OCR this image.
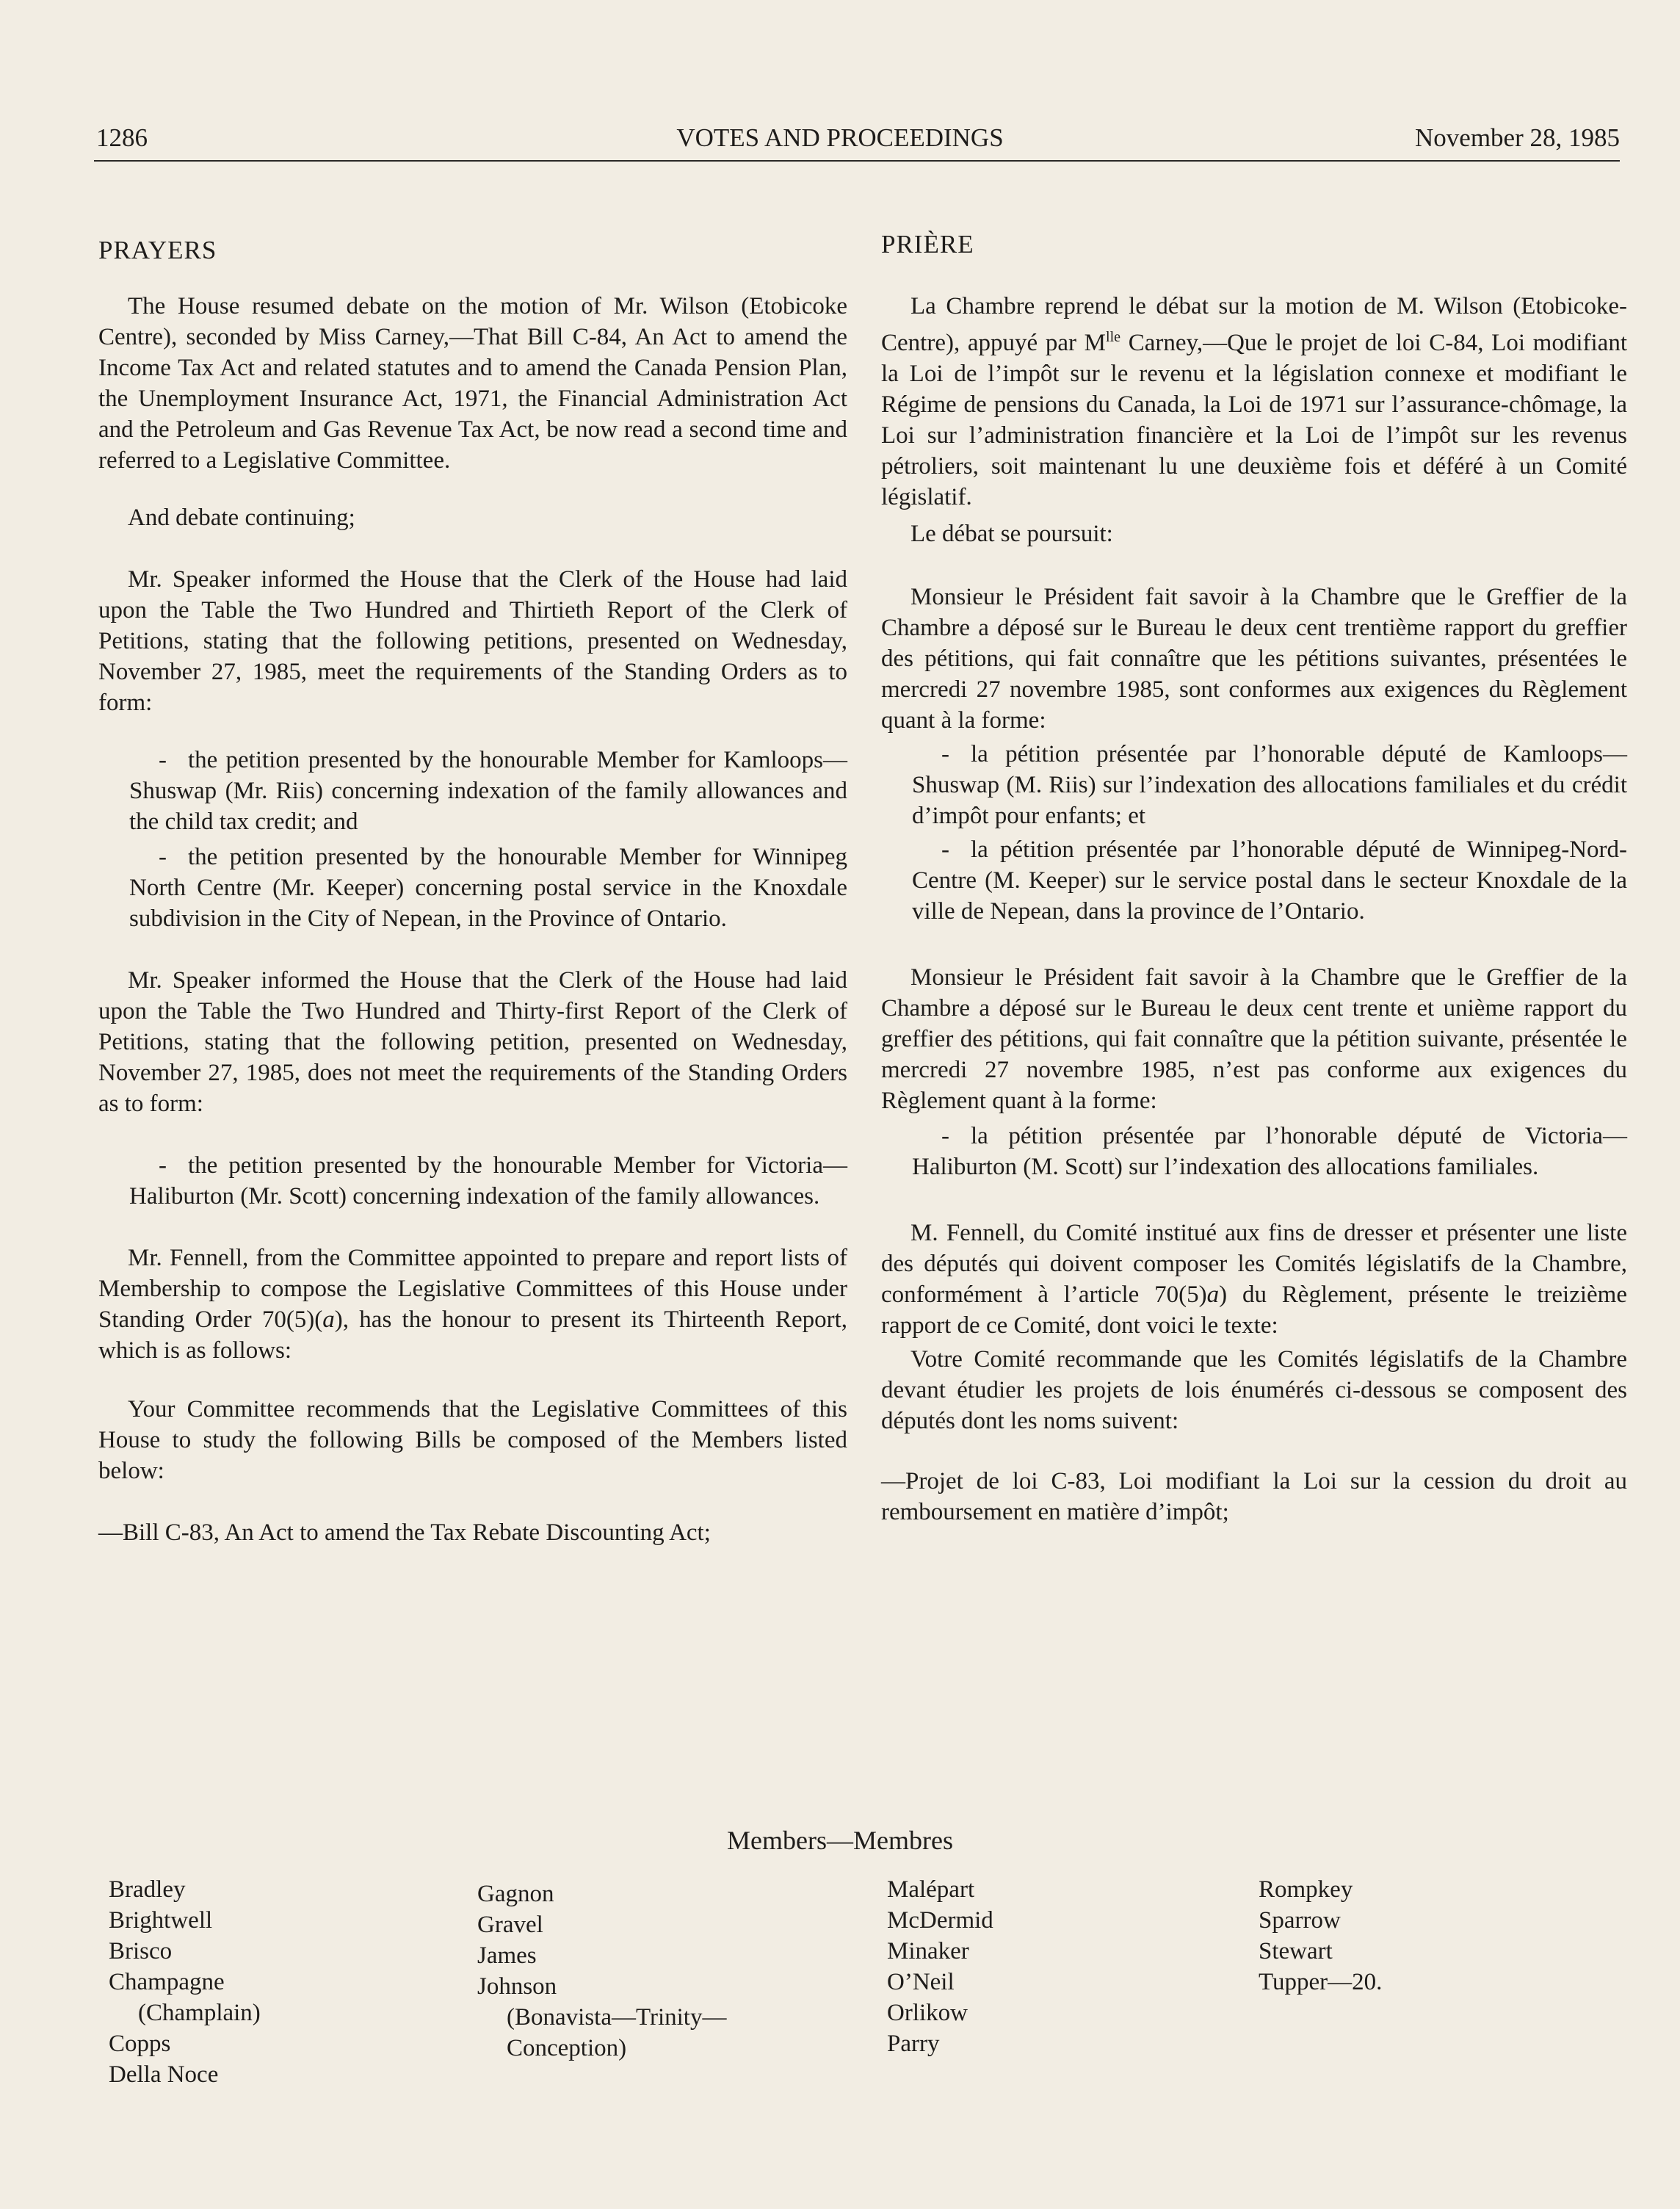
1286	VOTES AND PROCEEDINGS	November 28, 1985
PRAYERS

The House resumed debate on the motion of Mr. Wilson (Etobicoke Centre), seconded by Miss Carney,—That Bill C-84, An Act to amend the Income Tax Act and related statutes and to amend the Canada Pension Plan, the Unemployment Insurance Act, 1971, the Financial Administration Act and the Petroleum and Gas Revenue Tax Act, be now read a second time and referred to a Legislative Committee.

And debate continuing;

Mr. Speaker informed the House that the Clerk of the House had laid upon the Table the Two Hundred and Thirtieth Report of the Clerk of Petitions, stating that the following petitions, presented on Wednesday, November 27, 1985, meet the requirements of the Standing Orders as to form:

- the petition presented by the honourable Member for Kamloops—Shuswap (Mr. Riis) concerning indexation of the family allowances and the child tax credit; and

- the petition presented by the honourable Member for Winnipeg North Centre (Mr. Keeper) concerning postal service in the Knoxdale subdivision in the City of Nepean, in the Province of Ontario.

Mr. Speaker informed the House that the Clerk of the House had laid upon the Table the Two Hundred and Thirty-first Report of the Clerk of Petitions, stating that the following petition, presented on Wednesday, November 27, 1985, does not meet the requirements of the Standing Orders as to form:

- the petition presented by the honourable Member for Victoria—Haliburton (Mr. Scott) concerning indexation of the family allowances.

Mr. Fennell, from the Committee appointed to prepare and report lists of Membership to compose the Legislative Committees of this House under Standing Order 70(5)(a), has the honour to present its Thirteenth Report, which is as follows:

Your Committee recommends that the Legislative Committees of this House to study the following Bills be composed of the Members listed below:

—Bill C-83, An Act to amend the Tax Rebate Discounting Act;

PRIÈRE

La Chambre reprend le débat sur la motion de M. Wilson (Etobicoke-Centre), appuyé par $M^{lle}$ Carney,—Que le projet de loi C-84, Loi modifiant la Loi de l’impôt sur le revenu et la législation connexe et modifiant le Régime de pensions du Canada, la Loi de 1971 sur l’assurance-chômage, la Loi sur l’administration financière et la Loi de l’impôt sur les revenus pétroliers, soit maintenant lu une deuxième fois et déféré à un Comité législatif.

Le débat se poursuit:

Monsieur le Président fait savoir à la Chambre que le Greffier de la Chambre a déposé sur le Bureau le deux cent trentième rapport du greffier des pétitions, qui fait connaître que les pétitions suivantes, présentées le mercredi 27 novembre 1985, sont conformes aux exigences du Règlement quant à la forme:

- la pétition présentée par l’honorable député de Kamloops—Shuswap (M. Riis) sur l’indexation des allocations familiales et du crédit d’impôt pour enfants; et

- la pétition présentée par l’honorable député de Winnipeg-Nord-Centre (M. Keeper) sur le service postal dans le secteur Knoxdale de la ville de Nepean, dans la province de l’Ontario.

Monsieur le Président fait savoir à la Chambre que le Greffier de la Chambre a déposé sur le Bureau le deux cent trente et unième rapport du greffier des pétitions, qui fait connaître que la pétition suivante, présentée le mercredi 27 novembre 1985, n’est pas conforme aux exigences du Règlement quant à la forme:

- la pétition présentée par l’honorable député de Victoria—Haliburton (M. Scott) sur l’indexation des allocations familiales.

M. Fennell, du Comité institué aux fins de dresser et présenter une liste des députés qui doivent composer les Comités législatifs de la Chambre, conformément à l’article 70(5)a) du Règlement, présente le treizième rapport de ce Comité, dont voici le texte:

Votre Comité recommande que les Comités législatifs de la Chambre devant étudier les projets de lois énumérés ci-dessous se composent des députés dont les noms suivent:

—Projet de loi C-83, Loi modifiant la Loi sur la cession du droit au remboursement en matière d’impôt;

Members—Membres
Bradley
Brightwell
Brisco
Champagne
(Champlain)
Copps
Della Noce
Gagnon
Gravel
James
Johnson
(Bonavista—Trinity—
Conception)
Malépart
McDermid
Minaker
O’Neil
Orlikow
Parry
Rompkey
Sparrow
Stewart
Tupper—20.
